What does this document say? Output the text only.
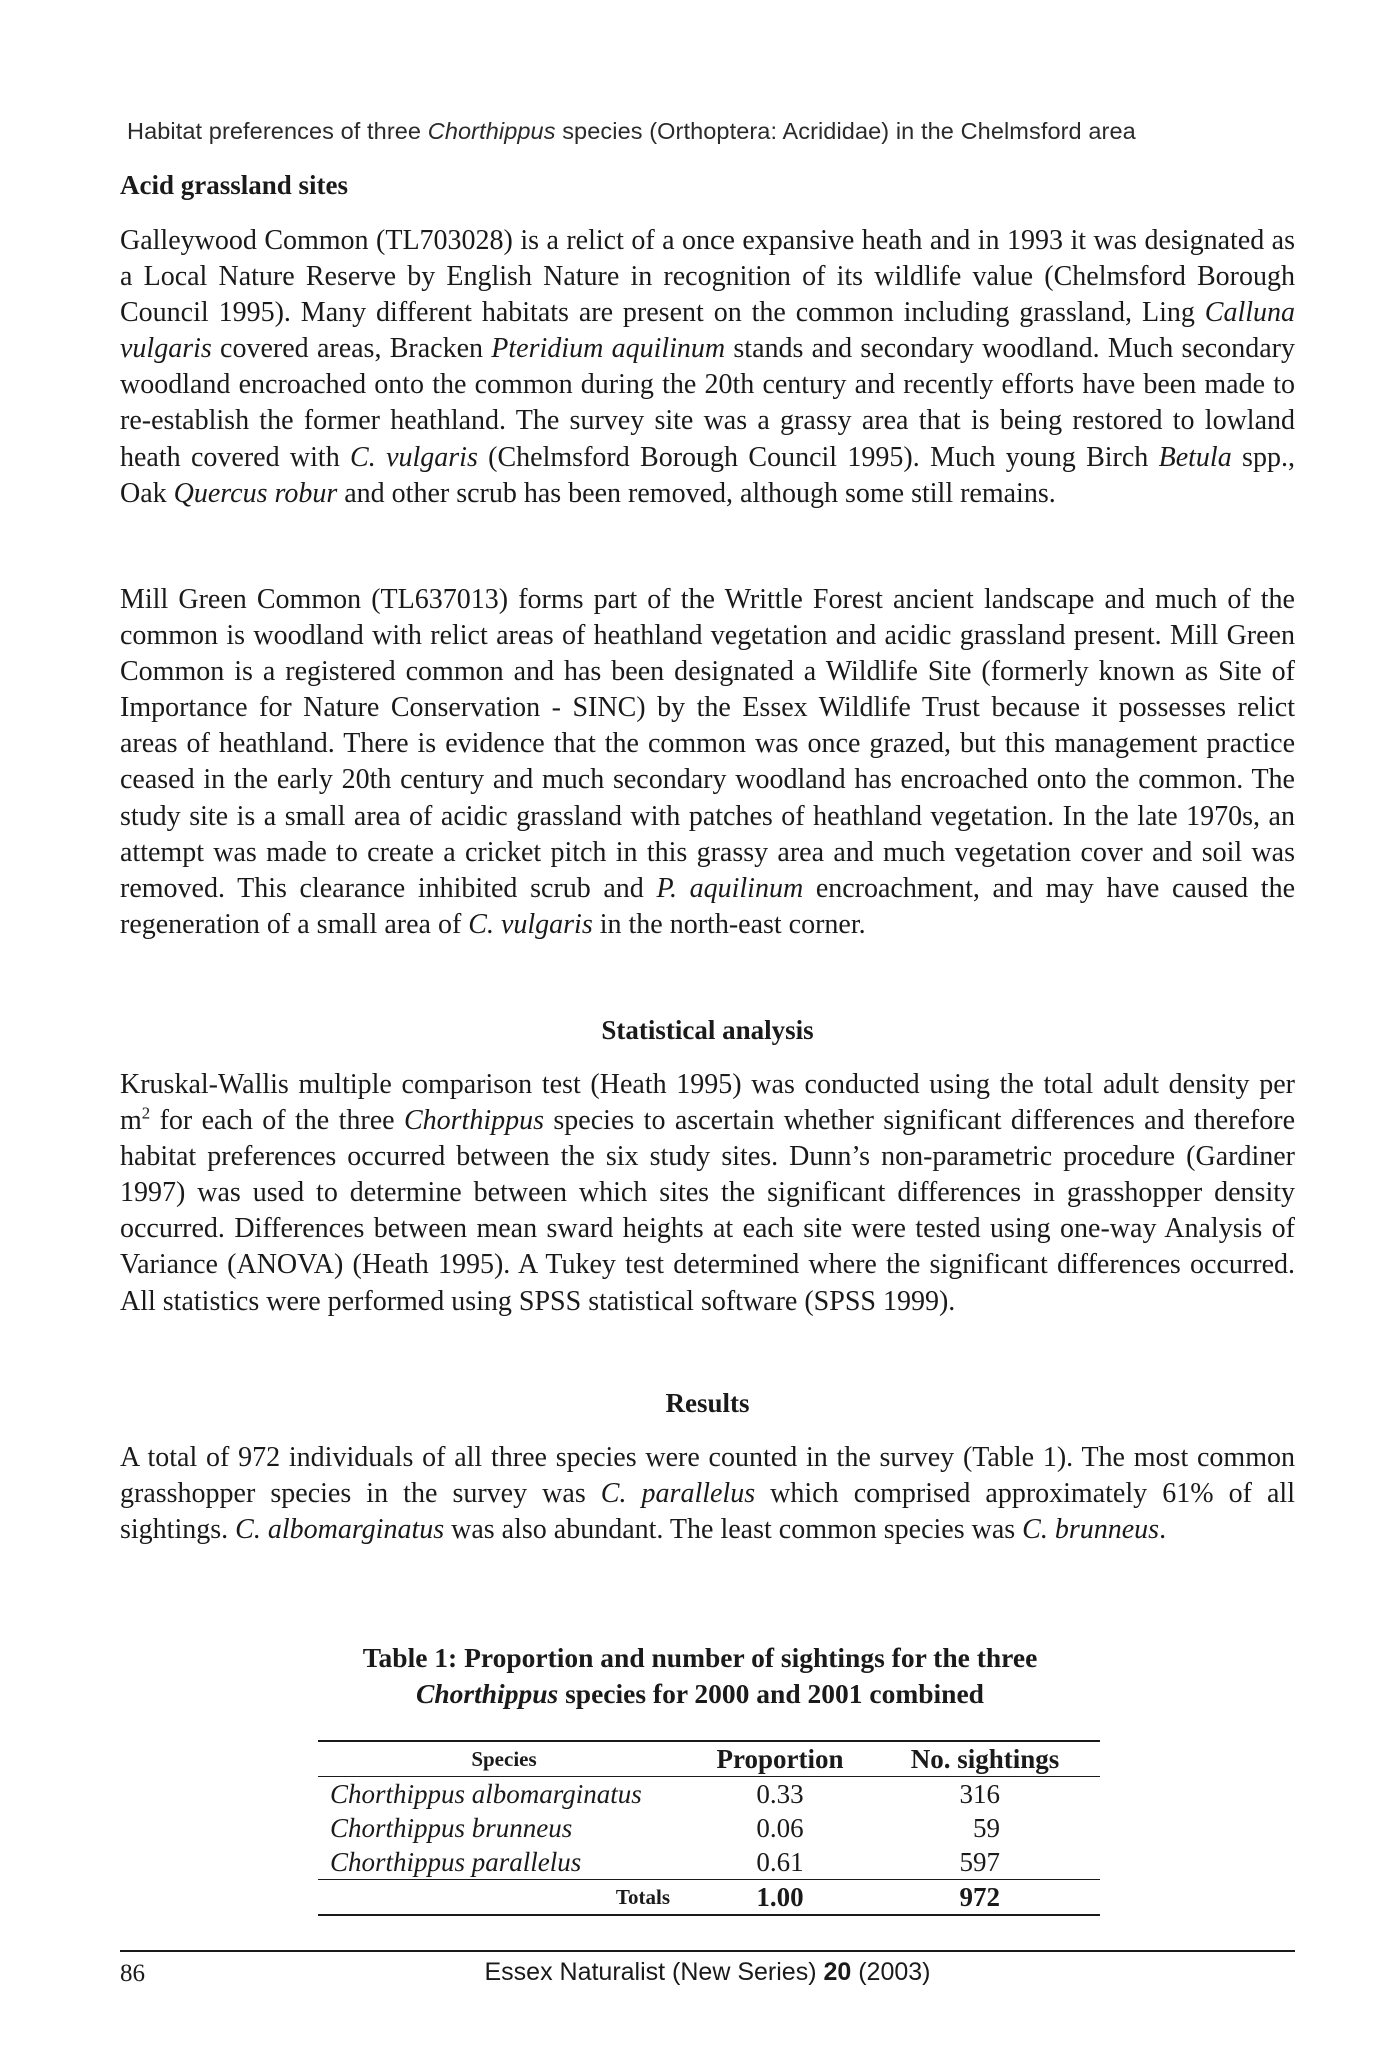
Habitat preferences of three Chorthippus species (Orthoptera: Acrididae) in the Chelmsford area
Acid grassland sites

Galleywood Common (TL703028) is a relict of a once expansive heath and in 1993 it was designated as a Local Nature Reserve by English Nature in recognition of its wildlife value (Chelmsford Borough Council 1995). Many different habitats are present on the common including grassland, Ling Calluna vulgaris covered areas, Bracken Pteridium aquilinum stands and secondary woodland. Much secondary woodland encroached onto the common during the 20th century and recently efforts have been made to re-establish the former heathland. The survey site was a grassy area that is being restored to lowland heath covered with C. vulgaris (Chelmsford Borough Council 1995). Much young Birch Betula spp., Oak Quercus robur and other scrub has been removed, although some still remains.

Mill Green Common (TL637013) forms part of the Writtle Forest ancient landscape and much of the common is woodland with relict areas of heathland vegetation and acidic grassland present. Mill Green Common is a registered common and has been designated a Wildlife Site (formerly known as Site of Importance for Nature Conservation - SINC) by the Essex Wildlife Trust because it possesses relict areas of heathland. There is evidence that the common was once grazed, but this management practice ceased in the early 20th century and much secondary woodland has encroached onto the common. The study site is a small area of acidic grassland with patches of heathland vegetation. In the late 1970s, an attempt was made to create a cricket pitch in this grassy area and much vegetation cover and soil was removed. This clearance inhibited scrub and P. aquilinum encroachment, and may have caused the regeneration of a small area of C. vulgaris in the north-east corner.

Statistical analysis

Kruskal-Wallis multiple comparison test (Heath 1995) was conducted using the total adult density per $m^2$ for each of the three Chorthippus species to ascertain whether significant differences and therefore habitat preferences occurred between the six study sites. Dunn’s non-parametric procedure (Gardiner 1997) was used to determine between which sites the significant differences in grasshopper density occurred. Differences between mean sward heights at each site were tested using one-way Analysis of Variance (ANOVA) (Heath 1995). A Tukey test determined where the significant differences occurred. All statistics were performed using SPSS statistical software (SPSS 1999).

Results

A total of 972 individuals of all three species were counted in the survey (Table 1). The most common grasshopper species in the survey was C. parallelus which comprised approximately 61% of all sightings. C. albomarginatus was also abundant. The least common species was C. brunneus.

Table 1: Proportion and number of sightings for the three
Chorthippus species for 2000 and 2001 combined
Species	Proportion	No. sightings
Chorthippus albomarginatus	0.33	316
Chorthippus brunneus	0.06	59
Chorthippus parallelus	0.61	597
Totals	1.00	972
86	Essex Naturalist (New Series) 20 (2003)
